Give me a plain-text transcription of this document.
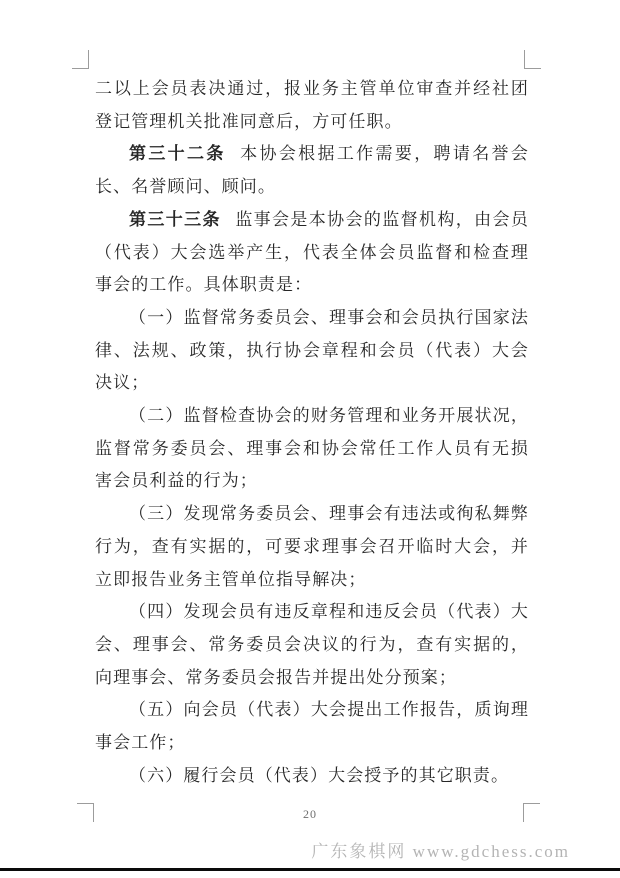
二以上会员表决通过，报业务主管单位审查并经社团登记管理机关批准同意后，方可任职。

第三十二条 本协会根据工作需要，聘请名誉会长、名誉顾问、顾问。

第三十三条 监事会是本协会的监督机构，由会员（代表）大会选举产生，代表全体会员监督和检查理事会的工作。具体职责是：

（一）监督常务委员会、理事会和会员执行国家法律、法规、政策，执行协会章程和会员（代表）大会决议；

（二）监督检查协会的财务管理和业务开展状况，监督常务委员会、理事会和协会常任工作人员有无损害会员利益的行为；

（三）发现常务委员会、理事会有违法或徇私舞弊行为，查有实据的，可要求理事会召开临时大会，并立即报告业务主管单位指导解决；

（四）发现会员有违反章程和违反会员（代表）大会、理事会、常务委员会决议的行为，查有实据的，向理事会、常务委员会报告并提出处分预案；

（五）向会员（代表）大会提出工作报告，质询理事会工作；

（六）履行会员（代表）大会授予的其它职责。

20
广东象棋网 www.gdchess.com
